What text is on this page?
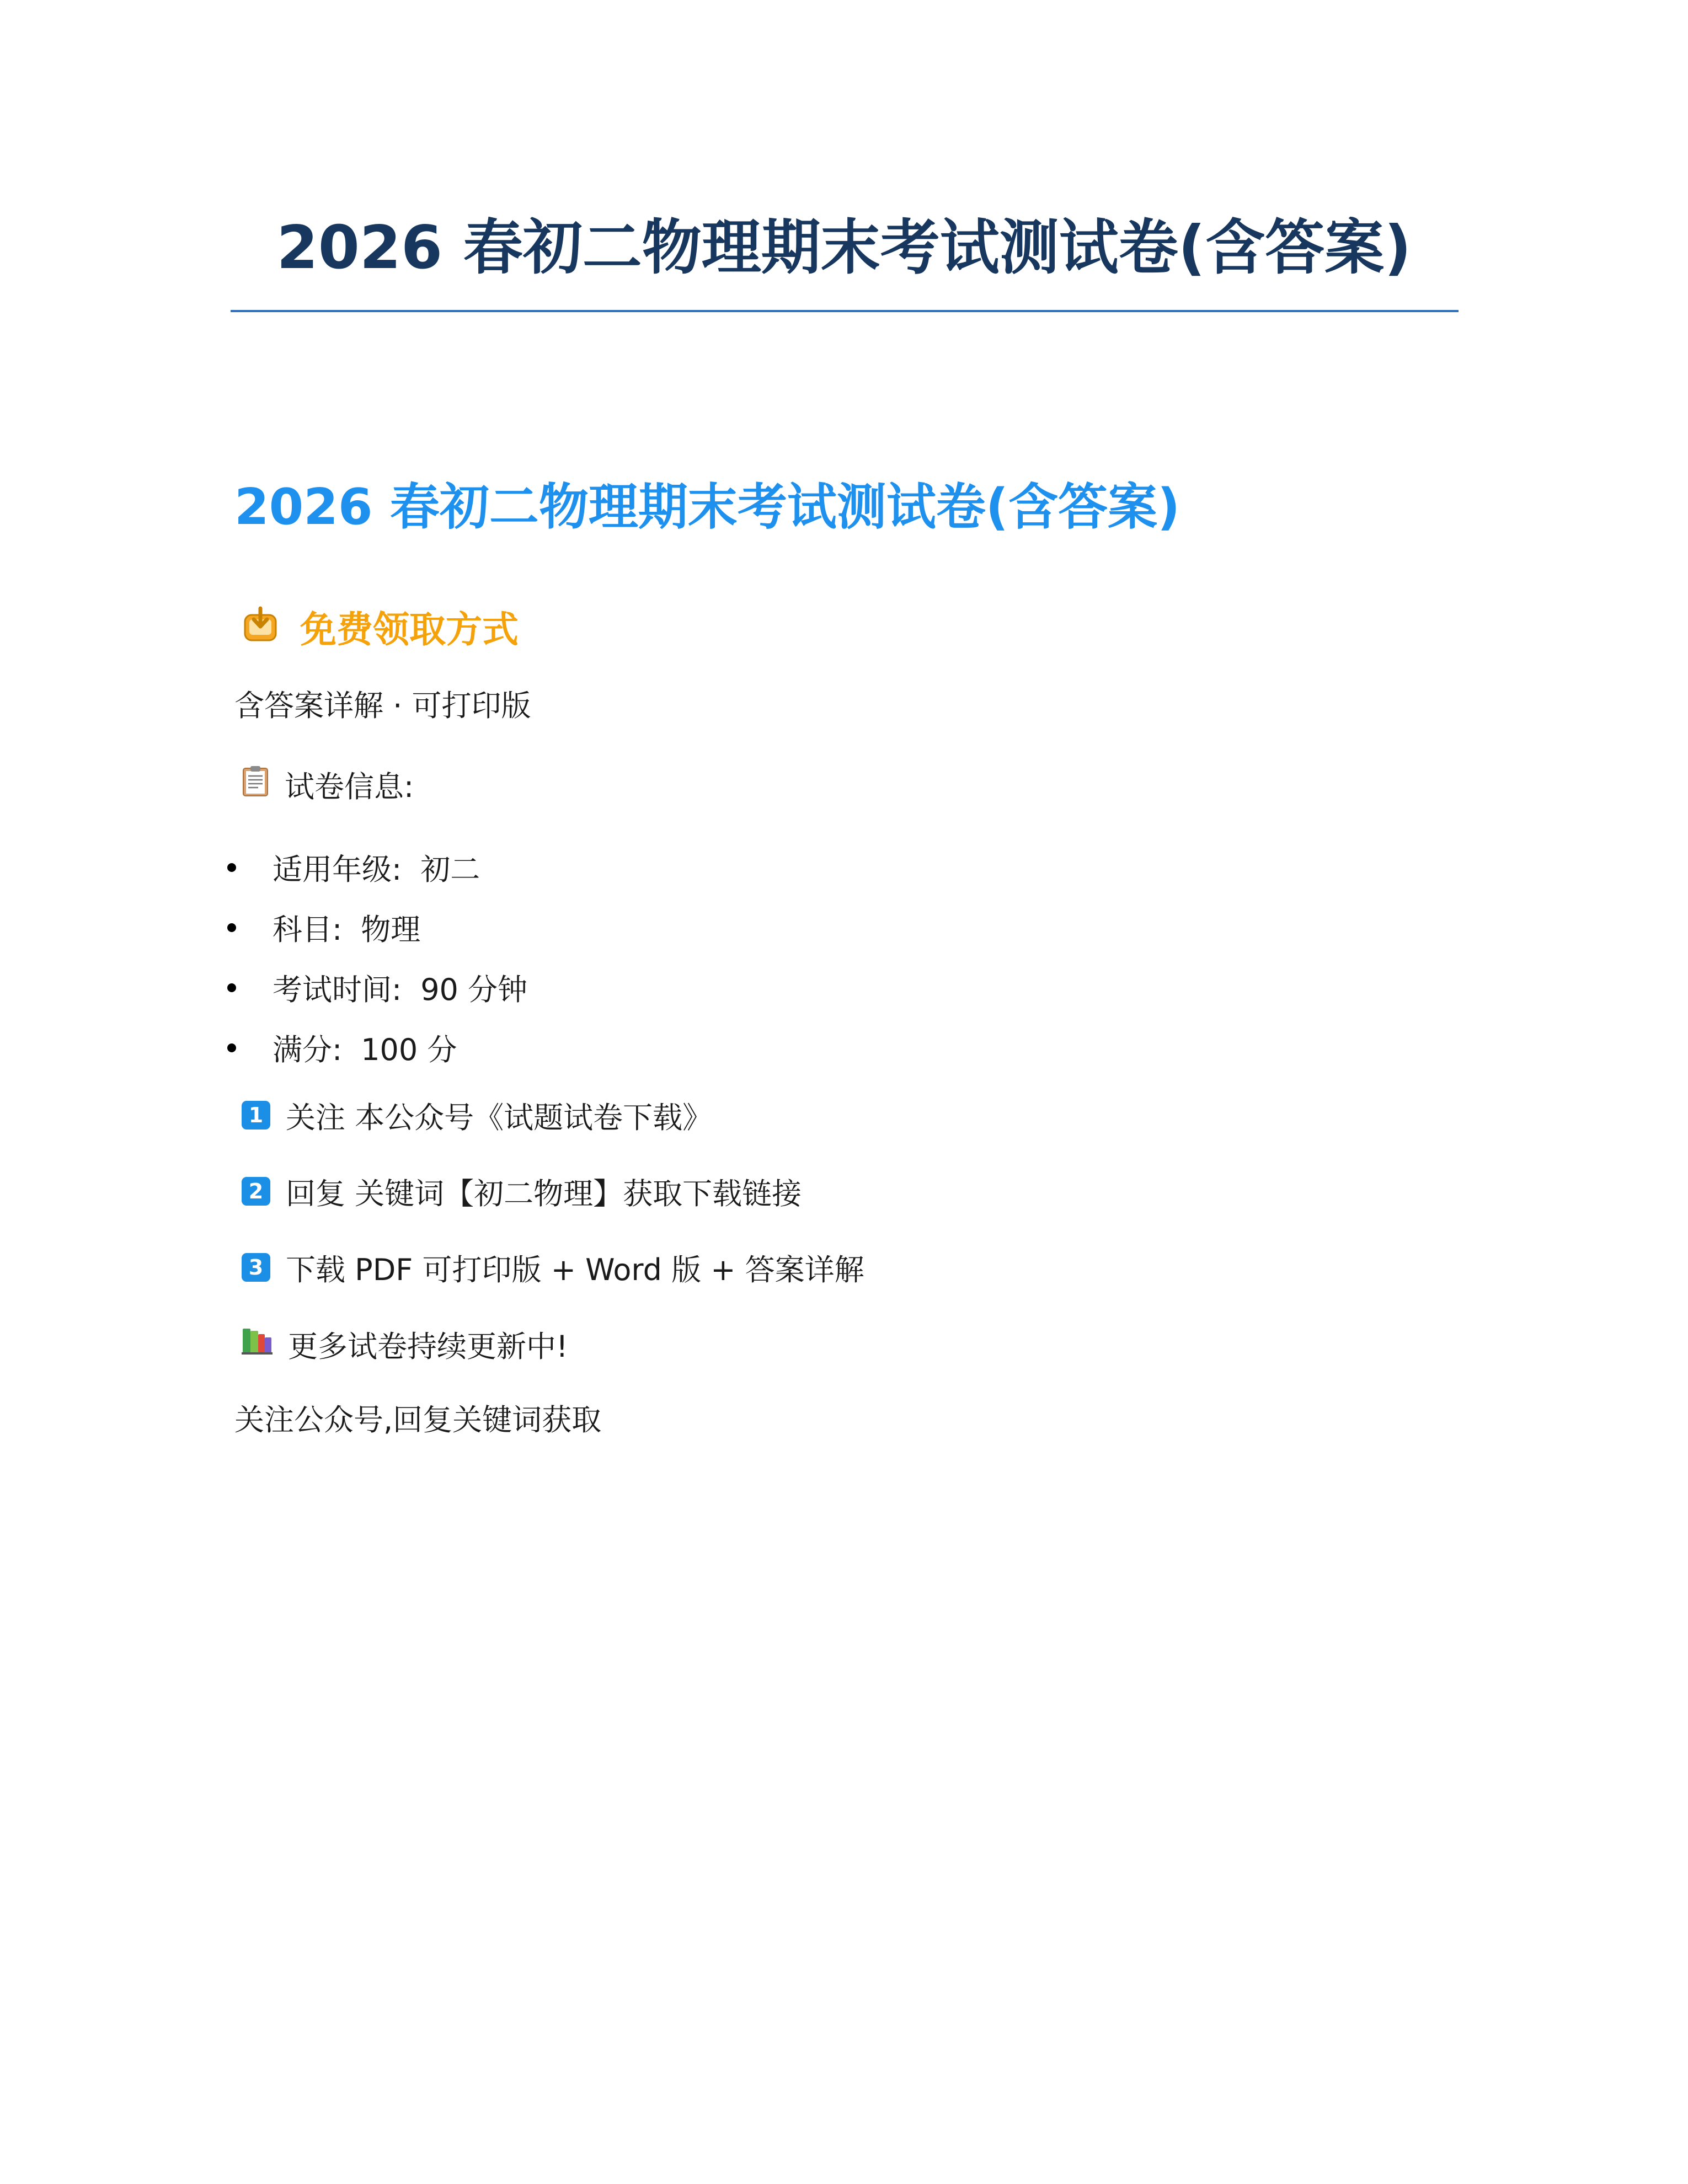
2026 春初二物理期末考试测试卷(含答案)
2026 春初二物理期末考试测试卷(含答案)
免费领取方式
含答案详解 · 可打印版
试卷信息:
适用年级: 初二
科目: 物理
考试时间: 90 分钟
满分: 100 分
1 关注 本公众号《试题试卷下载》
2 回复 关键词【初二物理】获取下载链接
3 下载 PDF 可打印版 + Word 版 + 答案详解
更多试卷持续更新中!
关注公众号,回复关键词获取
